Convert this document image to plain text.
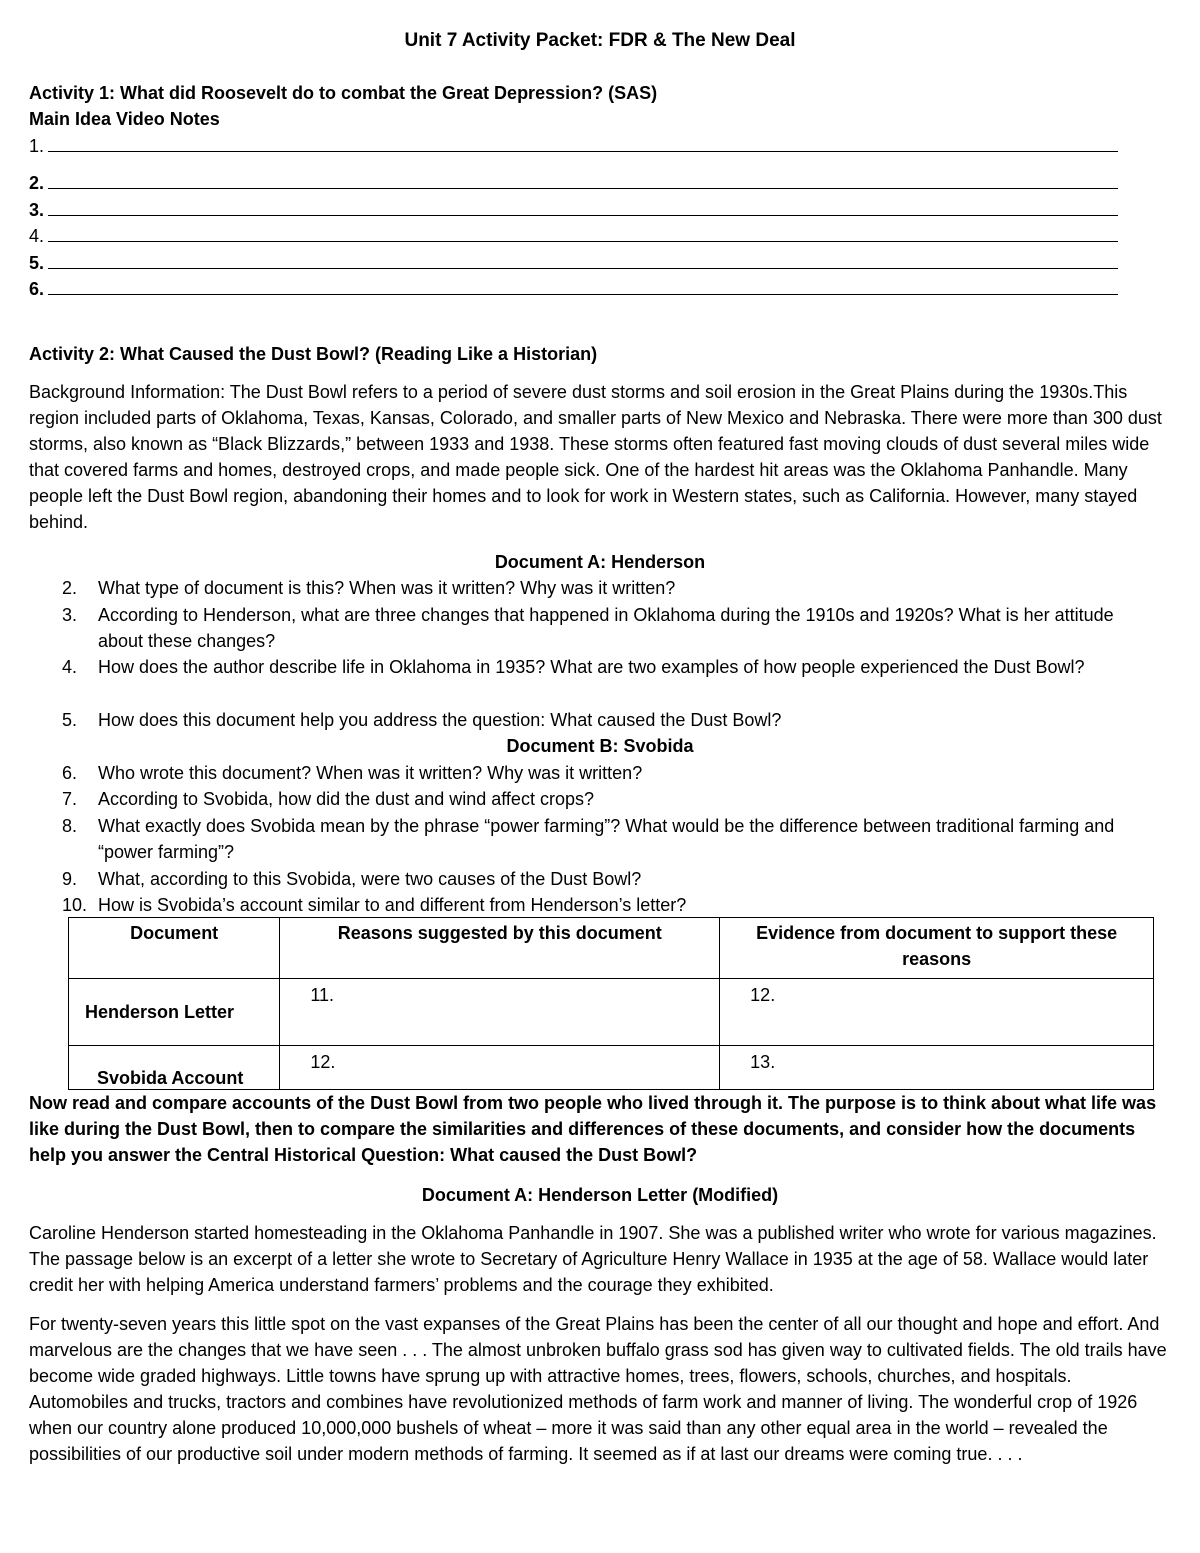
Unit 7 Activity Packet: FDR & The New Deal
Activity 1: What did Roosevelt do to combat the Great Depression? (SAS)
Main Idea Video Notes
1.
2.
3.
4.
5.
6.
Activity 2: What Caused the Dust Bowl? (Reading Like a Historian)
Background Information: The Dust Bowl refers to a period of severe dust storms and soil erosion in the Great Plains during the 1930s.This region included parts of Oklahoma, Texas, Kansas, Colorado, and smaller parts of New Mexico and Nebraska. There were more than 300 dust storms, also known as “Black Blizzards,” between 1933 and 1938. These storms often featured fast moving clouds of dust several miles wide that covered farms and homes, destroyed crops, and made people sick. One of the hardest hit areas was the Oklahoma Panhandle. Many people left the Dust Bowl region, abandoning their homes and to look for work in Western states, such as California. However, many stayed behind.
Document A: Henderson
2.	What type of document is this? When was it written? Why was it written?
3.	According to Henderson, what are three changes that happened in Oklahoma during the 1910s and 1920s? What is her attitude about these changes?
4.	How does the author describe life in Oklahoma in 1935? What are two examples of how people experienced the Dust Bowl?
5.	How does this document help you address the question: What caused the Dust Bowl?
Document B: Svobida
6.	Who wrote this document? When was it written? Why was it written?
7.	According to Svobida, how did the dust and wind affect crops?
8.	What exactly does Svobida mean by the phrase “power farming”? What would be the difference between traditional farming and “power farming”?
9.	What, according to this Svobida, were two causes of the Dust Bowl?
10. How is Svobida’s account similar to and different from Henderson’s letter?
Document	Reasons suggested by this document	Evidence from document to support these reasons
Henderson Letter	11.	12.
Svobida Account	12.	13.
Now read and compare accounts of the Dust Bowl from two people who lived through it. The purpose is to think about what life was like during the Dust Bowl, then to compare the similarities and differences of these documents, and consider how the documents help you answer the Central Historical Question: What caused the Dust Bowl?
Document A: Henderson Letter (Modified)
Caroline Henderson started homesteading in the Oklahoma Panhandle in 1907. She was a published writer who wrote for various magazines. The passage below is an excerpt of a letter she wrote to Secretary of Agriculture Henry Wallace in 1935 at the age of 58. Wallace would later credit her with helping America understand farmers’ problems and the courage they exhibited.
For twenty-seven years this little spot on the vast expanses of the Great Plains has been the center of all our thought and hope and effort. And marvelous are the changes that we have seen . . . The almost unbroken buffalo grass sod has given way to cultivated fields. The old trails have become wide graded highways. Little towns have sprung up with attractive homes, trees, flowers, schools, churches, and hospitals. Automobiles and trucks, tractors and combines have revolutionized methods of farm work and manner of living. The wonderful crop of 1926 when our country alone produced 10,000,000 bushels of wheat – more it was said than any other equal area in the world – revealed the possibilities of our productive soil under modern methods of farming. It seemed as if at last our dreams were coming true. . . .
